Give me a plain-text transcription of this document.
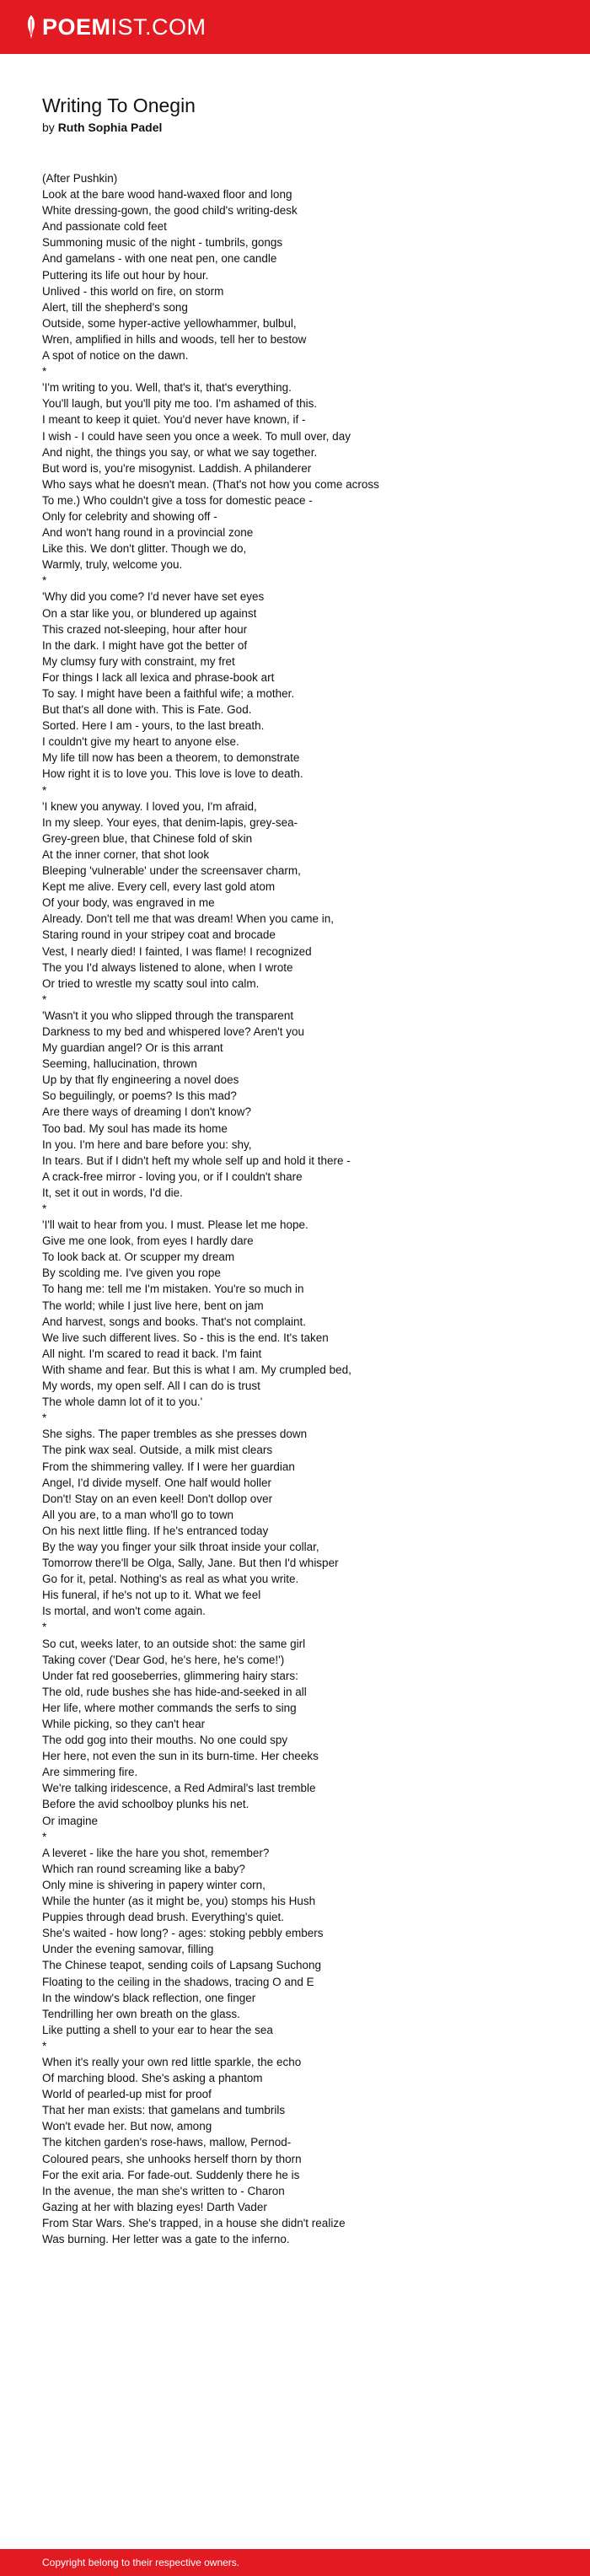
POEMIST.COM
Writing To Onegin
by Ruth Sophia Padel
(After Pushkin)
Look at the bare wood hand-waxed floor and long
White dressing-gown, the good child's writing-desk
And passionate cold feet
Summoning music of the night - tumbrils, gongs
And gamelans - with one neat pen, one candle
Puttering its life out hour by hour.
Unlived - this world on fire, on storm
Alert, till the shepherd's song
Outside, some hyper-active yellowhammer, bulbul,
Wren, amplified in hills and woods, tell her to bestow
A spot of notice on the dawn.
*
'I'm writing to you. Well, that's it, that's everything.
You'll laugh, but you'll pity me too. I'm ashamed of this.
I meant to keep it quiet. You'd never have known, if -
I wish - I could have seen you once a week. To mull over, day
And night, the things you say, or what we say together.
But word is, you're misogynist. Laddish. A philanderer
Who says what he doesn't mean. (That's not how you come across
To me.) Who couldn't give a toss for domestic peace -
Only for celebrity and showing off -
And won't hang round in a provincial zone
Like this. We don't glitter. Though we do,
Warmly, truly, welcome you.
*
'Why did you come? I'd never have set eyes
On a star like you, or blundered up against
This crazed not-sleeping, hour after hour
In the dark. I might have got the better of
My clumsy fury with constraint, my fret
For things I lack all lexica and phrase-book art
To say. I might have been a faithful wife; a mother.
But that's all done with. This is Fate. God.
Sorted. Here I am - yours, to the last breath.
I couldn't give my heart to anyone else.
My life till now has been a theorem, to demonstrate
How right it is to love you. This love is love to death.
*
'I knew you anyway. I loved you, I'm afraid,
In my sleep. Your eyes, that denim-lapis, grey-sea-
Grey-green blue, that Chinese fold of skin
At the inner corner, that shot look
Bleeping 'vulnerable' under the screensaver charm,
Kept me alive. Every cell, every last gold atom
Of your body, was engraved in me
Already. Don't tell me that was dream! When you came in,
Staring round in your stripey coat and brocade
Vest, I nearly died! I fainted, I was flame! I recognized
The you I'd always listened to alone, when I wrote
Or tried to wrestle my scatty soul into calm.
*
'Wasn't it you who slipped through the transparent
Darkness to my bed and whispered love? Aren't you
My guardian angel? Or is this arrant
Seeming, hallucination, thrown
Up by that fly engineering a novel does
So beguilingly, or poems? Is this mad?
Are there ways of dreaming I don't know?
Too bad. My soul has made its home
In you. I'm here and bare before you: shy,
In tears. But if I didn't heft my whole self up and hold it there -
A crack-free mirror - loving you, or if I couldn't share
It, set it out in words, I'd die.
*
'I'll wait to hear from you. I must. Please let me hope.
Give me one look, from eyes I hardly dare
To look back at. Or scupper my dream
By scolding me. I've given you rope
To hang me: tell me I'm mistaken. You're so much in
The world; while I just live here, bent on jam
And harvest, songs and books. That's not complaint.
We live such different lives. So - this is the end. It's taken
All night. I'm scared to read it back. I'm faint
With shame and fear. But this is what I am. My crumpled bed,
My words, my open self. All I can do is trust
The whole damn lot of it to you.'
*
She sighs. The paper trembles as she presses down
The pink wax seal. Outside, a milk mist clears
From the shimmering valley. If I were her guardian
Angel, I'd divide myself. One half would holler
Don't! Stay on an even keel! Don't dollop over
All you are, to a man who'll go to town
On his next little fling. If he's entranced today
By the way you finger your silk throat inside your collar,
Tomorrow there'll be Olga, Sally, Jane. But then I'd whisper
Go for it, petal. Nothing's as real as what you write.
His funeral, if he's not up to it. What we feel
Is mortal, and won't come again.
*
So cut, weeks later, to an outside shot: the same girl
Taking cover ('Dear God, he's here, he's come!')
Under fat red gooseberries, glimmering hairy stars:
The old, rude bushes she has hide-and-seeked in all
Her life, where mother commands the serfs to sing
While picking, so they can't hear
The odd gog into their mouths. No one could spy
Her here, not even the sun in its burn-time. Her cheeks
Are simmering fire.
We're talking iridescence, a Red Admiral's last tremble
Before the avid schoolboy plunks his net.
Or imagine
*
A leveret - like the hare you shot, remember?
Which ran round screaming like a baby?
Only mine is shivering in papery winter corn,
While the hunter (as it might be, you) stomps his Hush
Puppies through dead brush. Everything's quiet.
She's waited - how long? - ages: stoking pebbly embers
Under the evening samovar, filling
The Chinese teapot, sending coils of Lapsang Suchong
Floating to the ceiling in the shadows, tracing O and E
In the window's black reflection, one finger
Tendrilling her own breath on the glass.
Like putting a shell to your ear to hear the sea
*
When it's really your own red little sparkle, the echo
Of marching blood. She's asking a phantom
World of pearled-up mist for proof
That her man exists: that gamelans and tumbrils
Won't evade her. But now, among
The kitchen garden's rose-haws, mallow, Pernod-
Coloured pears, she unhooks herself thorn by thorn
For the exit aria. For fade-out. Suddenly there he is
In the avenue, the man she's written to - Charon
Gazing at her with blazing eyes! Darth Vader
From Star Wars. She's trapped, in a house she didn't realize
Was burning. Her letter was a gate to the inferno.
Copyright belong to their respective owners.
